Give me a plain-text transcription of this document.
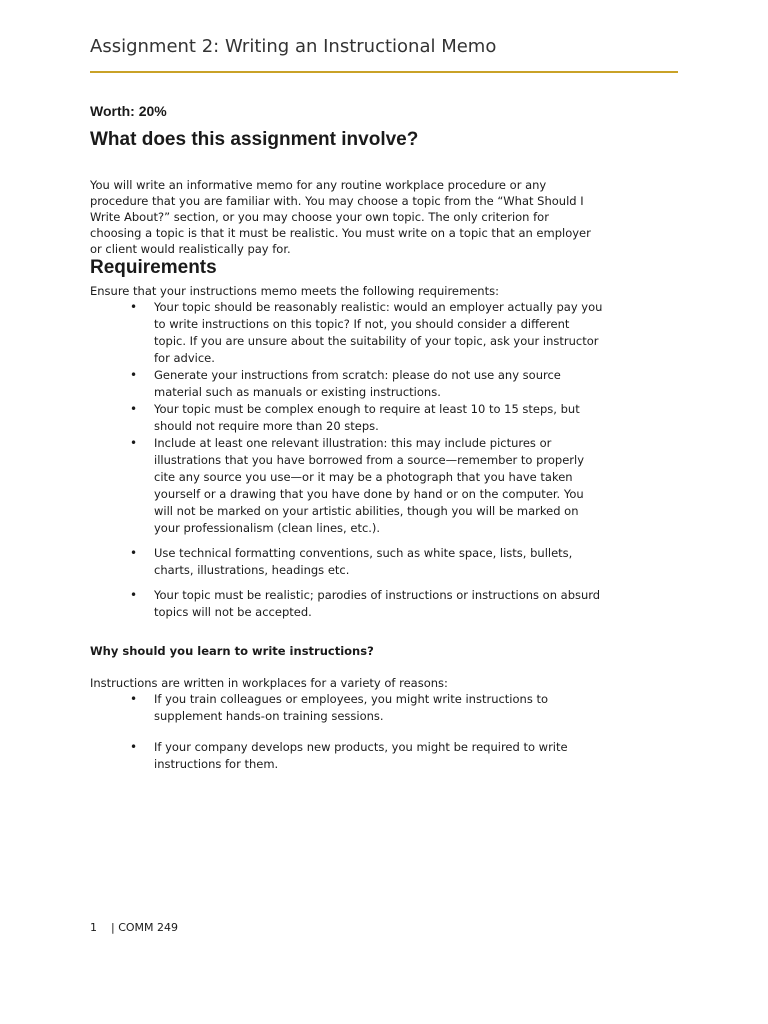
Assignment 2: Writing an Instructional Memo
Worth: 20%
What does this assignment involve?

You will write an informative memo for any routine workplace procedure or any procedure that you are familiar with. You may choose a topic from the “What Should I Write About?” section, or you may choose your own topic. The only criterion for choosing a topic is that it must be realistic. You must write on a topic that an employer or client would realistically pay for.

Requirements

Ensure that your instructions memo meets the following requirements:

• Your topic should be reasonably realistic: would an employer actually pay you to write instructions on this topic? If not, you should consider a different topic. If you are unsure about the suitability of your topic, ask your instructor for advice.
• Generate your instructions from scratch: please do not use any source material such as manuals or existing instructions.
• Your topic must be complex enough to require at least 10 to 15 steps, but should not require more than 20 steps.
• Include at least one relevant illustration: this may include pictures or illustrations that you have borrowed from a source—remember to properly cite any source you use—or it may be a photograph that you have taken yourself or a drawing that you have done by hand or on the computer. You will not be marked on your artistic abilities, though you will be marked on your professionalism (clean lines, etc.).
• Use technical formatting conventions, such as white space, lists, bullets, charts, illustrations, headings etc.
• Your topic must be realistic; parodies of instructions or instructions on absurd topics will not be accepted.
Why should you learn to write instructions?

Instructions are written in workplaces for a variety of reasons:

• If you train colleagues or employees, you might write instructions to supplement hands-on training sessions.
• If your company develops new products, you might be required to write instructions for them.
1 | COMM 249
